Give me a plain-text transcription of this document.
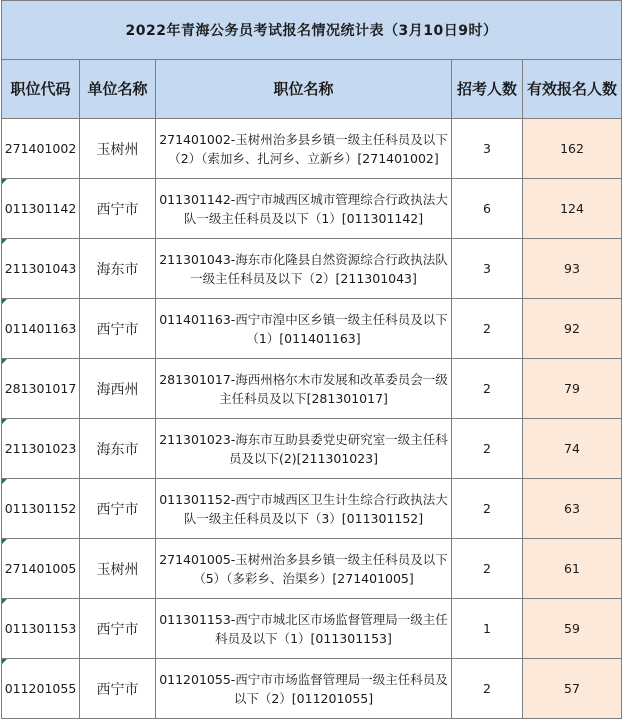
2022年青海公务员考试报名情况统计表（3月10日9时）				
职位代码	单位名称	职位名称	招考人数	有效报名人数
271401002	玉树州	271401002-玉树州治多县乡镇一级主任科员及以下（2）（索加乡、扎河乡、立新乡）[271401002]	3	162

011301142	西宁市	011301142-西宁市城西区城市管理综合行政执法大队一级主任科员及以下（1）[011301142]	6	124

211301043	海东市	211301043-海东市化隆县自然资源综合行政执法队一级主任科员及以下（2）[211301043]	3	93

011401163	西宁市	011401163-西宁市湟中区乡镇一级主任科员及以下（1）[011401163]	2	92

281301017	海西州	281301017-海西州格尔木市发展和改革委员会一级主任科员及以下[281301017]	2	79

211301023	海东市	211301023-海东市互助县委党史研究室一级主任科员及以下(2)[211301023]	2	74

011301152	西宁市	011301152-西宁市城西区卫生计生综合行政执法大队一级主任科员及以下（3）[011301152]	2	63

271401005	玉树州	271401005-玉树州治多县乡镇一级主任科员及以下（5）（多彩乡、治渠乡）[271401005]	2	61

011301153	西宁市	011301153-西宁市城北区市场监督管理局一级主任科员及以下（1）[011301153]	1	59

011201055	西宁市	011201055-西宁市市场监督管理局一级主任科员及以下（2）[011201055]	2	57
